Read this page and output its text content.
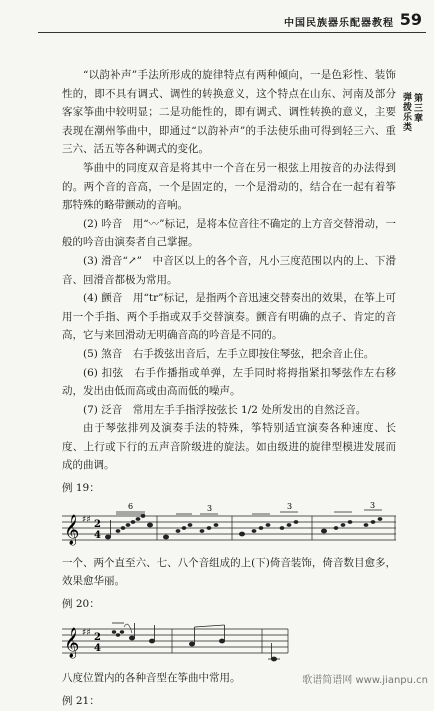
中国民族器乐配器教程 59
第三章
弹拨乐类

“以韵补声”手法所形成的旋律特点有两种倾向，一是色彩性、装饰性的，即不具有调式、调性的转换意义，这个特点在山东、河南及部分客家筝曲中较明显；二是功能性的，即有调式、调性转换的意义，主要表现在潮州筝曲中，即通过“以韵补声”的手法使乐曲可得到轻三六、重三六、活五等各种调式的变化。

筝曲中的同度双音是将其中一个音在另一根弦上用按音的办法得到的。两个音的音高，一个是固定的，一个是滑动的，结合在一起有着筝那特殊的略带颤动的音响。

(2) 吟音　用“〰”标记，是将本位音往不确定的上方音交替滑动，一般的吟音由演奏者自己掌握。

(3) 滑音“↗”　中音区以上的各个音，凡小三度范围以内的上、下滑音、回滑音都极为常用。

(4) 颤音　用“tr”标记，是指两个音迅速交替奏出的效果，在筝上可用一个手指、两个手指或双手交替演奏。颤音有明确的点子、肯定的音高，它与来回滑动无明确音高的吟音是不同的。

(5) 煞音　右手拨弦出音后，左手立即按住琴弦，把余音止住。

(6) 扣弦　右手作播指或单弹，左手同时将拇指紧扣琴弦作左右移动，发出由低而高或由高而低的噪声。

(7) 泛音　常用左手手指浮按弦长 1/2 处所发出的自然泛音。

由于琴弦排列及演奏手法的特殊，筝特别适宜演奏各种速度、长度、上行或下行的五声音阶级进的旋法。如由级进的旋律型模进发展而成的曲调。

例 19：

𝄞 ♯♯ 2
4
6	3	3	3

一个、两个直至六、七、八个音组成的上(下)倚音装饰，倚音数目愈多，效果愈华丽。

例 20：

𝄞 ♯♯ 2
4

八度位置内的各种音型在筝曲中常用。

例 21：

歌谱简谱网 www.jianpu.cn
